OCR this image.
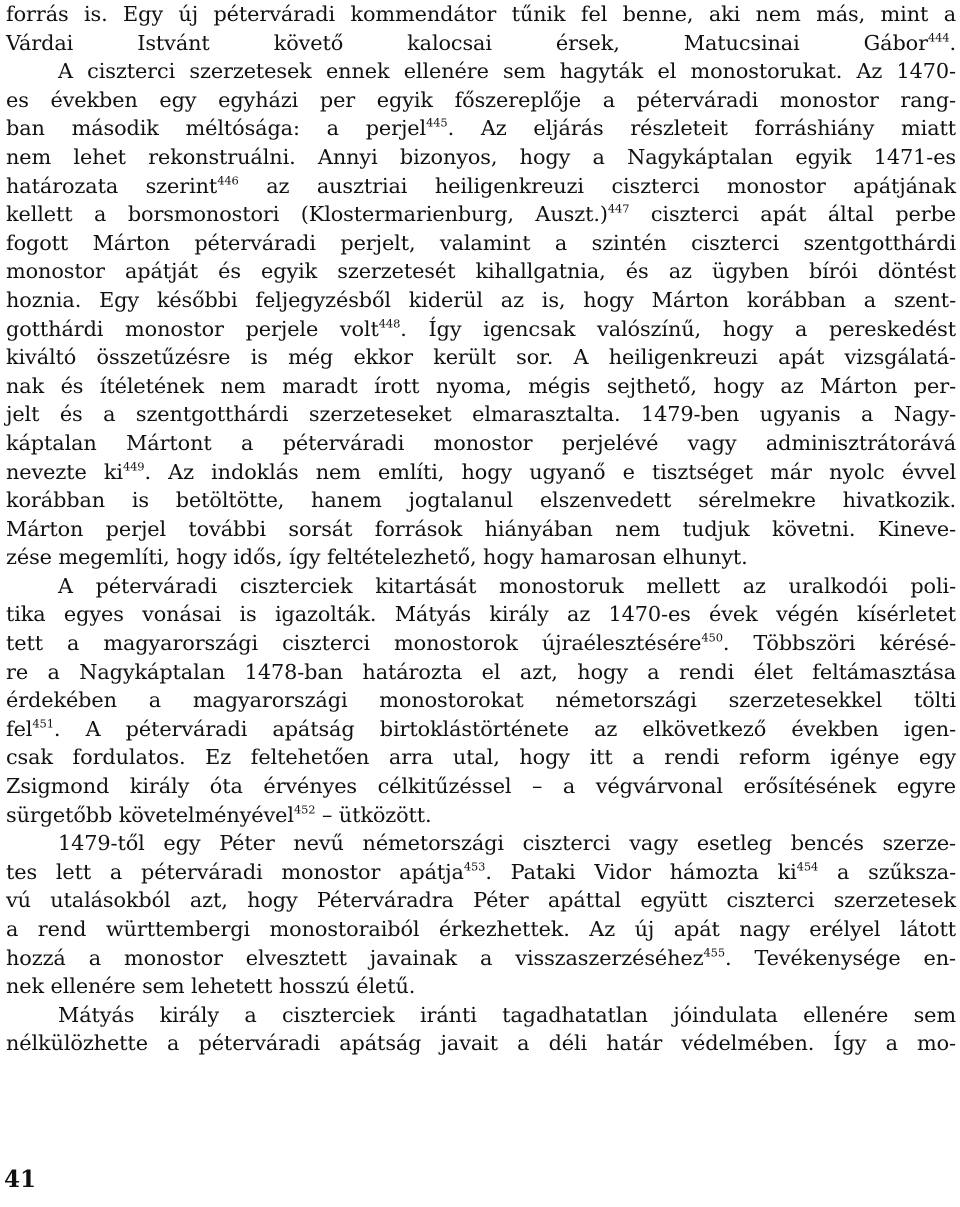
forrás is. Egy új péterváradi kommendátor tűnik fel benne, aki nem más, mint a

Várdai Istvánt követő kalocsai érsek, Matucsinai Gábor$^{444}$.

A ciszterci szerzetesek ennek ellenére sem hagyták el monostorukat. Az 1470-

es években egy egyházi per egyik főszereplője a péterváradi monostor rang-

ban második méltósága: a perjel$^{445}$. Az eljárás részleteit forráshiány miatt

nem lehet rekonstruálni. Annyi bizonyos, hogy a Nagykáptalan egyik 1471-es

határozata szerint$^{446}$ az ausztriai heiligenkreuzi ciszterci monostor apátjának

kellett a borsmonostori (Klostermarienburg, Auszt.)$^{447}$ ciszterci apát által perbe

fogott Márton péterváradi perjelt, valamint a szintén ciszterci szentgotthárdi

monostor apátját és egyik szerzetesét kihallgatnia, és az ügyben bírói döntést

hoznia. Egy későbbi feljegyzésből kiderül az is, hogy Márton korábban a szent-

gotthárdi monostor perjele volt$^{448}$. Így igencsak valószínű, hogy a pereskedést

kiváltó összetűzésre is még ekkor került sor. A heiligenkreuzi apát vizsgálatá-

nak és ítéletének nem maradt írott nyoma, mégis sejthető, hogy az Márton per-

jelt és a szentgotthárdi szerzeteseket elmarasztalta. 1479-ben ugyanis a Nagy-

káptalan Mártont a péterváradi monostor perjelévé vagy adminisztrátorává

nevezte $ki^{449}$. Az indoklás nem említi, hogy ugyanő e tisztséget már nyolc évvel

korábban is betöltötte, hanem jogtalanul elszenvedett sérelmekre hivatkozik.

Márton perjel további sorsát források hiányában nem tudjuk követni. Kineve-

zése megemlíti, hogy idős, így feltételezhető, hogy hamarosan elhunyt.

A péterváradi ciszterciek kitartását monostoruk mellett az uralkodói poli-

tika egyes vonásai is igazolták. Mátyás király az 1470-es évek végén kísérletet

tett a magyarországi ciszterci monostorok újraélesztésére$^{450}$. Többszöri kérésé-

re a Nagykáptalan 1478-ban határozta el azt, hogy a rendi élet feltámasztása

érdekében a magyarországi monostorokat németországi szerzetesekkel tölti

fel$^{451}$. A péterváradi apátság birtoklástörténete az elkövetkező években igen-

csak fordulatos. Ez feltehetően arra utal, hogy itt a rendi reform igénye egy

Zsigmond király óta érvényes célkitűzéssel – a végvárvonal erősítésének egyre

sürgetőbb követelményével$^{452}$ – ütközött.

1479-től egy Péter nevű németországi ciszterci vagy esetleg bencés szerze-

tes lett a péterváradi monostor apátja$^{453}$. Pataki Vidor hámozta $ki^{454}$ a szűksza-

vú utalásokból azt, hogy Péterváradra Péter apáttal együtt ciszterci szerzetesek

a rend württembergi monostoraiból érkezhettek. Az új apát nagy erélyel látott

hozzá a monostor elvesztett javainak a visszaszerzéséhez$^{455}$. Tevékenysége en-

nek ellenére sem lehetett hosszú életű.

Mátyás király a ciszterciek iránti tagadhatatlan jóindulata ellenére sem

nélkülözhette a péterváradi apátság javait a déli határ védelmében. Így a mo-

41
